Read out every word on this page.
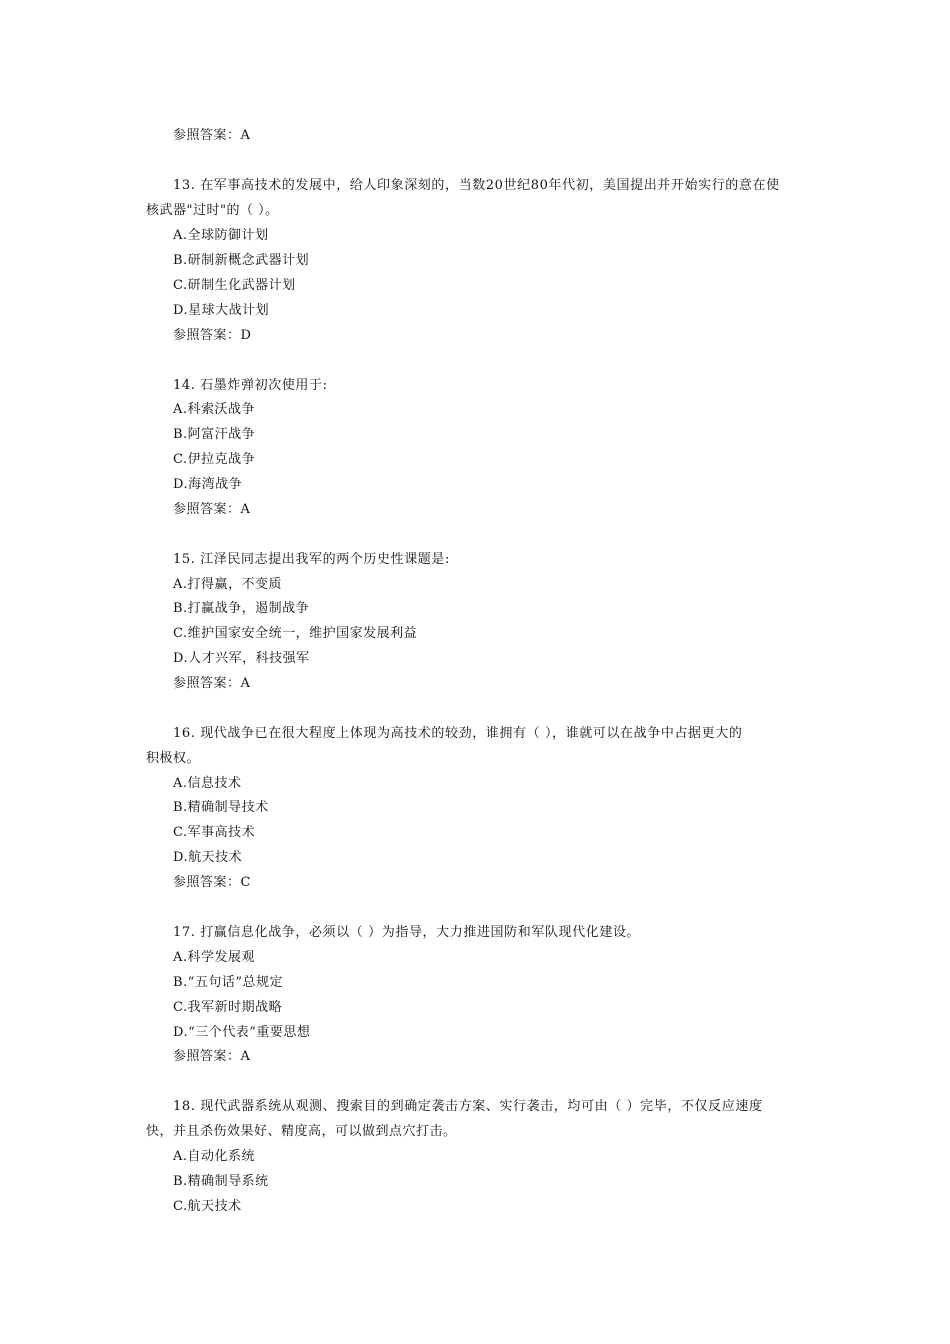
参照答案：A
13. 在军事高技术的发展中，给人印象深刻的，当数20世纪80年代初，美国提出并开始实行的意在使
核武器"过时"的（ ）。
A.全球防御计划
B.研制新概念武器计划
C.研制生化武器计划
D.星球大战计划
参照答案：D
14. 石墨炸弹初次使用于:
A.科索沃战争
B.阿富汗战争
C.伊拉克战争
D.海湾战争
参照答案：A
15. 江泽民同志提出我军的两个历史性课题是:
A.打得赢，不变质
B.打赢战争，遏制战争
C.维护国家安全统一，维护国家发展利益
D.人才兴军，科技强军
参照答案：A
16. 现代战争已在很大程度上体现为高技术的较劲，谁拥有（ ），谁就可以在战争中占据更大的
积极权。
A.信息技术
B.精确制导技术
C.军事高技术
D.航天技术
参照答案：C
17. 打赢信息化战争，必须以（ ）为指导，大力推进国防和军队现代化建设。
A.科学发展观
B.“五句话”总规定
C.我军新时期战略
D.“三个代表”重要思想
参照答案：A
18. 现代武器系统从观测、搜索目的到确定袭击方案、实行袭击，均可由（ ）完毕，不仅反应速度
快，并且杀伤效果好、精度高，可以做到点穴打击。
A.自动化系统
B.精确制导系统
C.航天技术
